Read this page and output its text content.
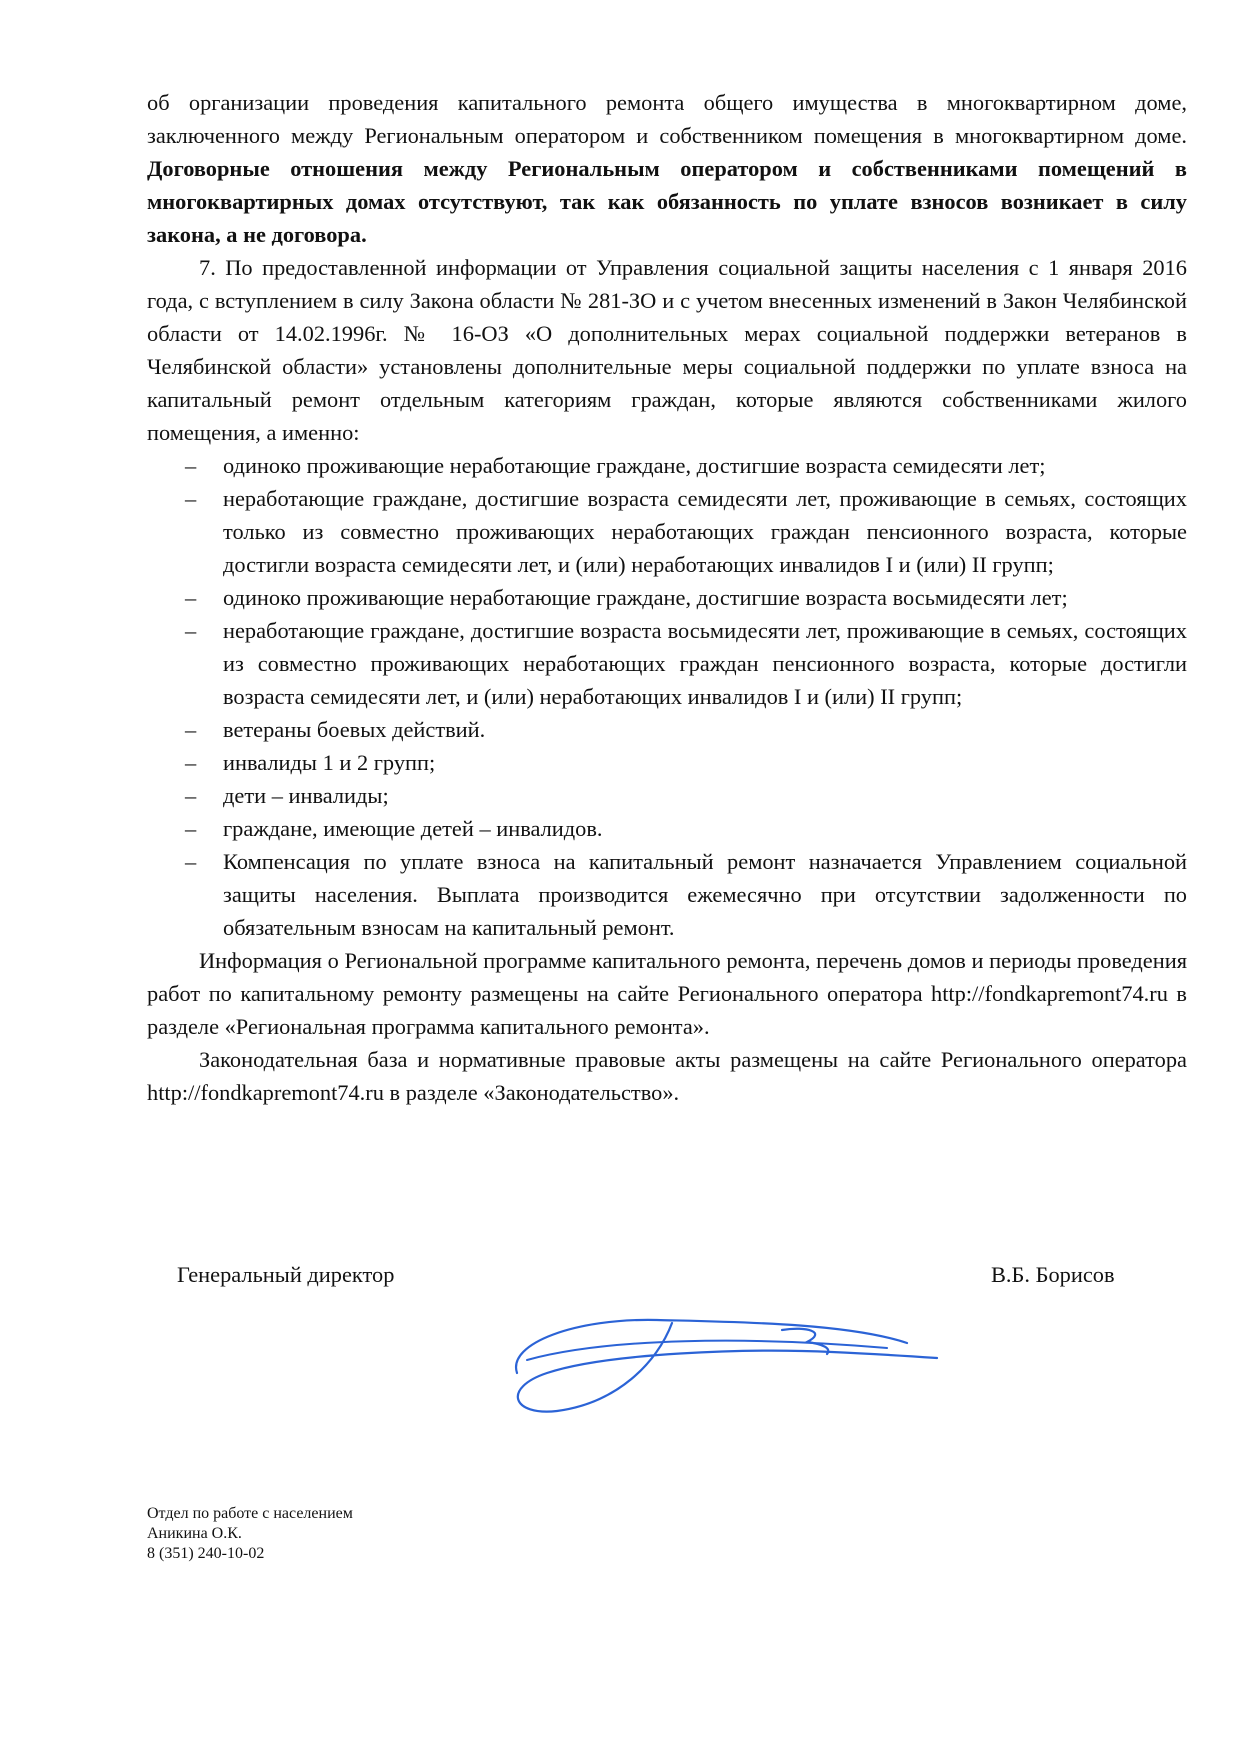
об организации проведения капитального ремонта общего имущества в многоквартирном доме, заключенного между Региональным оператором и собственником помещения в многоквартирном доме. Договорные отношения между Региональным оператором и собственниками помещений в многоквартирных домах отсутствуют, так как обязанность по уплате взносов возникает в силу закона, а не договора.

7. По предоставленной информации от Управления социальной защиты населения с 1 января 2016 года, с вступлением в силу Закона области № 281-ЗО и с учетом внесенных изменений в Закон Челябинской области от 14.02.1996г. № 16-ОЗ «О дополнительных мерах социальной поддержки ветеранов в Челябинской области» установлены дополнительные меры социальной поддержки по уплате взноса на капитальный ремонт отдельным категориям граждан, которые являются собственниками жилого помещения, а именно:

– одиноко проживающие неработающие граждане, достигшие возраста семидесяти лет;
– неработающие граждане, достигшие возраста семидесяти лет, проживающие в семьях, состоящих только из совместно проживающих неработающих граждан пенсионного возраста, которые достигли возраста семидесяти лет, и (или) неработающих инвалидов I и (или) II групп;
– одиноко проживающие неработающие граждане, достигшие возраста восьмидесяти лет;
– неработающие граждане, достигшие возраста восьмидесяти лет, проживающие в семьях, состоящих из совместно проживающих неработающих граждан пенсионного возраста, которые достигли возраста семидесяти лет, и (или) неработающих инвалидов I и (или) II групп;
– ветераны боевых действий.
– инвалиды 1 и 2 групп;
– дети – инвалиды;
– граждане, имеющие детей – инвалидов.
– Компенсация по уплате взноса на капитальный ремонт назначается Управлением социальной защиты населения. Выплата производится ежемесячно при отсутствии задолженности по обязательным взносам на капитальный ремонт.

Информация о Региональной программе капитального ремонта, перечень домов и периоды проведения работ по капитальному ремонту размещены на сайте Регионального оператора http://fondkapremont74.ru в разделе «Региональная программа капитального ремонта».

Законодательная база и нормативные правовые акты размещены на сайте Регионального оператора http://fondkapremont74.ru в разделе «Законодательство».

Генеральный директор	В.Б. Борисов
Отдел по работе с населением
Аникина О.К.
8 (351) 240-10-02
